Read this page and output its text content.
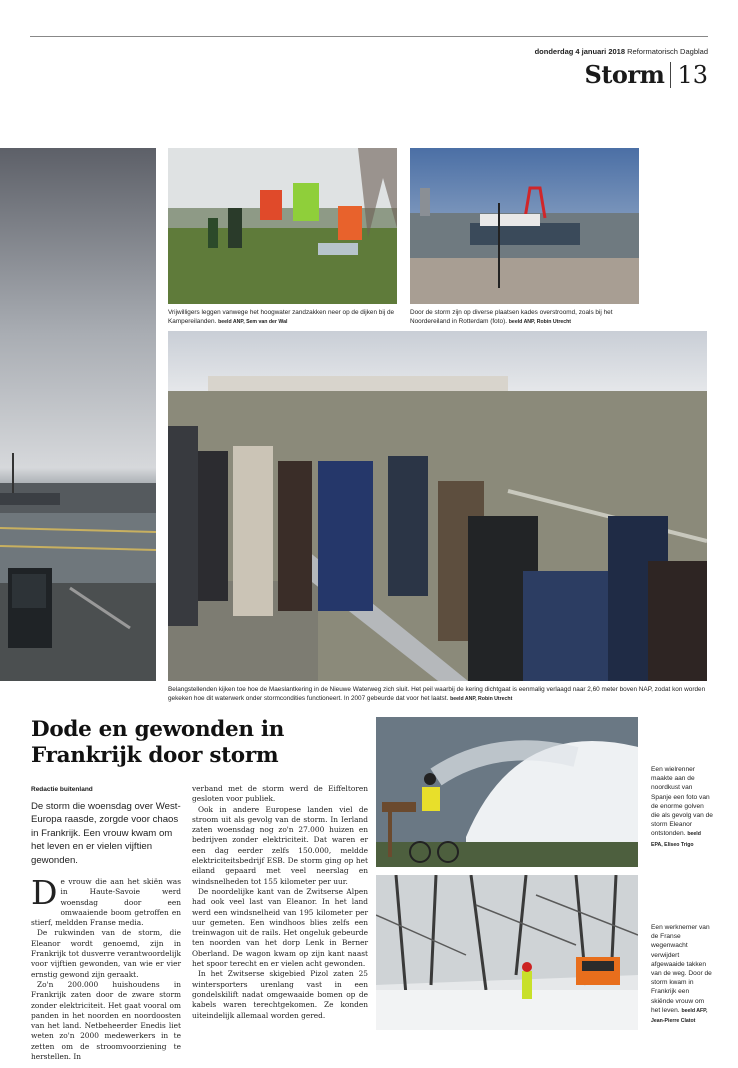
donderdag 4 januari 2018 Reformatorisch Dagblad
Storm 13
Vrijwilligers leggen vanwege het hoogwater zandzakken neer op de dijken bij de Kampereilanden. beeld ANP, Sem van der Wal
Door de storm zijn op diverse plaatsen kades overstroomd, zoals bij het Noordereiland in Rotterdam (foto). beeld ANP, Robin Utrecht
Belangstellenden kijken toe hoe de Maeslantkering in de Nieuwe Waterweg zich sluit. Het peil waarbij de kering dichtgaat is eenmalig verlaagd naar 2,60 meter boven NAP, zodat kon worden gekeken hoe dit waterwerk onder stormcondities functioneert. In 2007 gebeurde dat voor het laatst. beeld ANP, Robin Utrecht
Dode en gewonden in Frankrijk door storm
Redactie buitenland
De storm die woensdag over West-Europa raasde, zorgde voor chaos in Frankrijk. Een vrouw kwam om het leven en er vielen vijftien gewonden.

De vrouw die aan het skiën was in Haute-Savoie werd woensdag door een omwaaiende boom getroffen en stierf, meldden Franse media.

De rukwinden van de storm, die Eleanor wordt genoemd, zijn in Frankrijk tot dusverre verantwoordelijk voor vijftien gewonden, van wie er vier ernstig gewond zijn geraakt.

Zo'n 200.000 huishoudens in Frankrijk zaten door de zware storm zonder elektriciteit. Het gaat vooral om panden in het noorden en noordoosten van het land. Netbeheerder Enedis liet weten zo'n 2000 medewerkers in te zetten om de stroomvoorziening te herstellen. In

verband met de storm werd de Eiffeltoren gesloten voor publiek.

Ook in andere Europese landen viel de stroom uit als gevolg van de storm. In Ierland zaten woensdag nog zo'n 27.000 huizen en bedrijven zonder elektriciteit. Dat waren er een dag eerder zelfs 150.000, meldde elektriciteitsbedrijf ESB. De storm ging op het eiland gepaard met veel neerslag en windsnelheden tot 155 kilometer per uur.

De noordelijke kant van de Zwitserse Alpen had ook veel last van Eleanor. In het land werd een windsnelheid van 195 kilometer per uur gemeten. Een windhoos blies zelfs een treinwagon uit de rails. Het ongeluk gebeurde ten noorden van het dorp Lenk in Berner Oberland. De wagon kwam op zijn kant naast het spoor terecht en er vielen acht gewonden.

In het Zwitserse skigebied Pizol zaten 25 wintersporters urenlang vast in een gondelskilift nadat omgewaaide bomen op de kabels waren terechtgekomen. Ze konden uiteindelijk allemaal worden gered.

Een wielrenner maakte aan de noordkust van Spanje een foto van de enorme golven die als gevolg van de storm Eleanor ontstonden. beeld EPA, Eliseo Trigo
Een werknemer van de Franse wegenwacht verwijdert afgewaaide takken van de weg. Door de storm kwam in Frankrijk een skiënde vrouw om het leven. beeld AFP, Jean-Pierre Clatot
